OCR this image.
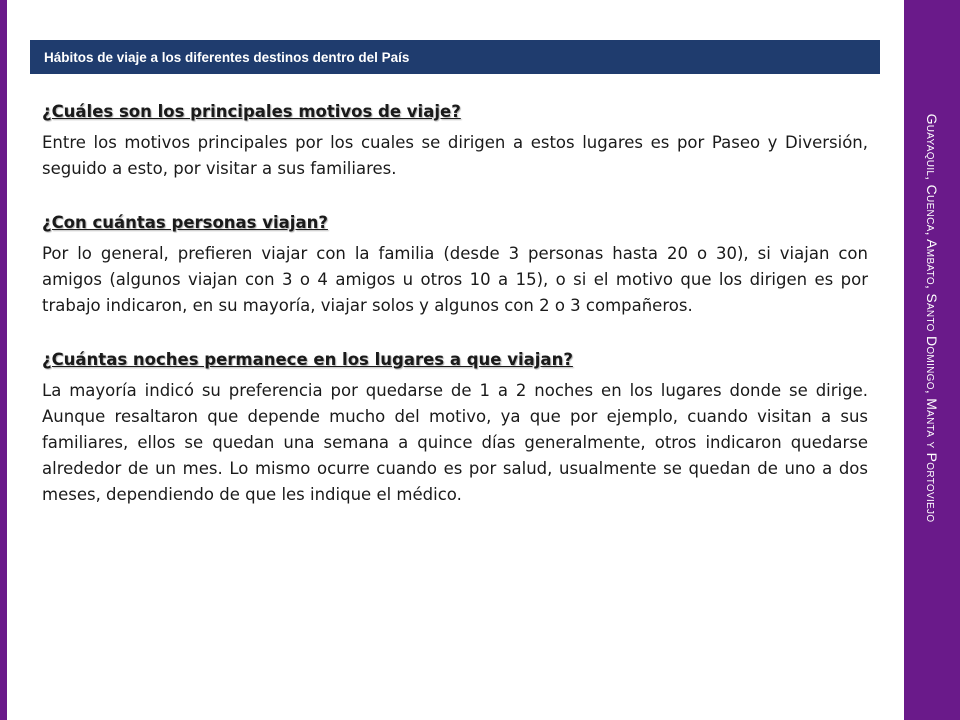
Guayaquil, Cuenca, Ambato, Santo Domingo, Manta y Portoviejo
Hábitos de viaje a los diferentes destinos dentro del País

¿Cuáles son los principales motivos de viaje?

Entre los motivos principales por los cuales se dirigen a estos lugares es por Paseo y Diversión, seguido a esto, por visitar a sus familiares.

¿Con cuántas personas viajan?

Por lo general, prefieren viajar con la familia (desde 3 personas hasta 20 o 30), si viajan con amigos (algunos viajan con 3 o 4 amigos u otros 10 a 15), o si el motivo que los dirigen es por trabajo indicaron, en su mayoría, viajar solos y algunos con 2 o 3 compañeros.

¿Cuántas noches permanece en los lugares a que viajan?

La mayoría indicó su preferencia por quedarse de 1 a 2 noches en los lugares donde se dirige. Aunque resaltaron que depende mucho del motivo, ya que por ejemplo, cuando visitan a sus familiares, ellos se quedan una semana a quince días generalmente, otros indicaron quedarse alrededor de un mes. Lo mismo ocurre cuando es por salud, usualmente se quedan de uno a dos meses, dependiendo de que les indique el médico.
